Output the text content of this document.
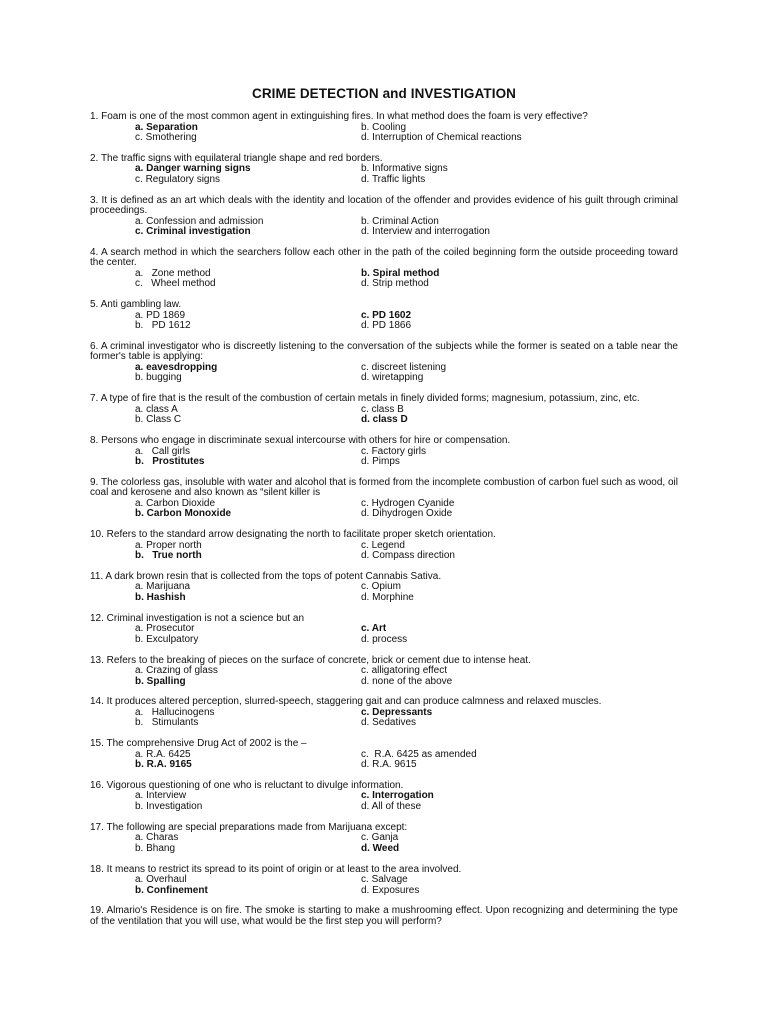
CRIME DETECTION and INVESTIGATION
1. Foam is one of the most common agent in extinguishing fires. In what method does the foam is very effective?
a. Separation	b. Cooling
c. Smothering	d. Interruption of Chemical reactions
2. The traffic signs with equilateral triangle shape and red borders.
a. Danger warning signs	b. Informative signs
c. Regulatory signs	d. Traffic lights
3. It is defined as an art which deals with the identity and location of the offender and provides evidence of his guilt through criminal proceedings.
a. Confession and admission	b. Criminal Action
c. Criminal investigation	d. Interview and interrogation
4. A search method in which the searchers follow each other in the path of the coiled beginning form the outside proceeding toward the center.
a.   Zone method	b. Spiral method
c.   Wheel method	d. Strip method
5. Anti gambling law.
a. PD 1869	c. PD 1602
b.   PD 1612	d. PD 1866
6. A criminal investigator who is discreetly listening to the conversation of the subjects while the former is seated on a table near the former's table is applying:
a. eavesdropping	c. discreet listening
b. bugging	d. wiretapping
7. A type of fire that is the result of the combustion of certain metals in finely divided forms; magnesium, potassium, zinc, etc.
a. class A	c. class B
b. Class C	d. class D
8. Persons who engage in discriminate sexual intercourse with others for hire or compensation.
a.   Call girls	c. Factory girls
b.   Prostitutes	d. Pimps
9. The colorless gas, insoluble with water and alcohol that is formed from the incomplete combustion of carbon fuel such as wood, oil coal and kerosene and also known as “silent killer is
a. Carbon Dioxide	c. Hydrogen Cyanide
b. Carbon Monoxide	d. Dihydrogen Oxide
10. Refers to the standard arrow designating the north to facilitate proper sketch orientation.
a. Proper north	c. Legend
b.   True north	d. Compass direction
11. A dark brown resin that is collected from the tops of potent Cannabis Sativa.
a. Marijuana	c. Opium
b. Hashish	d. Morphine
12. Criminal investigation is not a science but an
a. Prosecutor	c. Art
b. Exculpatory	d. process
13. Refers to the breaking of pieces on the surface of concrete, brick or cement due to intense heat.
a. Crazing of glass	c. alligatoring effect
b. Spalling	d. none of the above
14. It produces altered perception, slurred-speech, staggering gait and can produce calmness and relaxed muscles.
a.   Hallucinogens	c. Depressants
b.   Stimulants	d. Sedatives
15. The comprehensive Drug Act of 2002 is the –
a. R.A. 6425	c.  R.A. 6425 as amended
b. R.A. 9165	d. R.A. 9615
16. Vigorous questioning of one who is reluctant to divulge information.
a. Interview	c. Interrogation
b. Investigation	d. All of these
17. The following are special preparations made from Marijuana except:
a. Charas	c. Ganja
b. Bhang	d. Weed
18. It means to restrict its spread to its point of origin or at least to the area involved.
a. Overhaul	c. Salvage
b. Confinement	d. Exposures
19. Almario's Residence is on fire. The smoke is starting to make a mushrooming effect. Upon recognizing and determining the type of the ventilation that you will use, what would be the first step you will perform?
